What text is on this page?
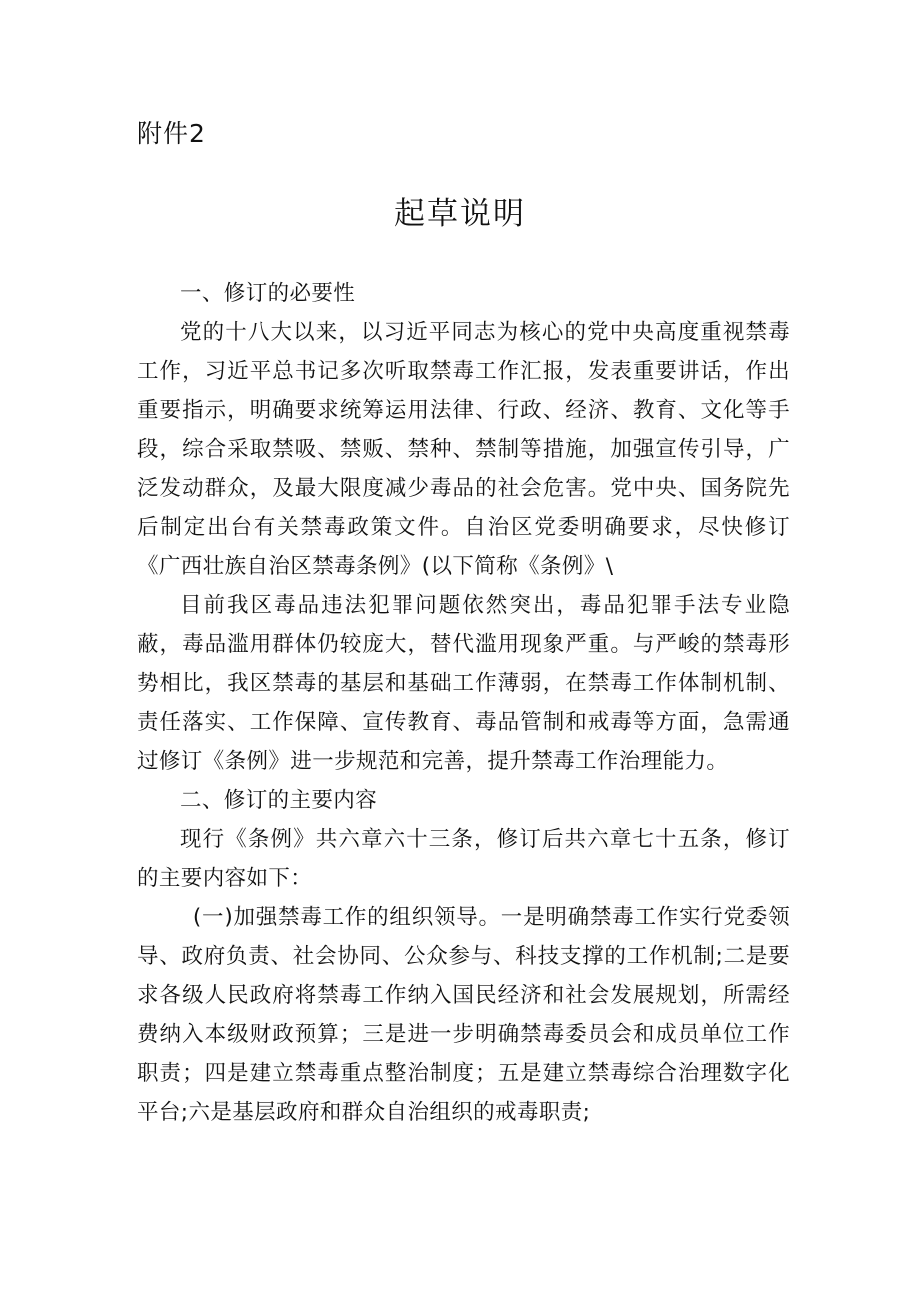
附件2
起草说明

一、修订的必要性

党的十八大以来，以习近平同志为核心的党中央高度重视禁毒工作，习近平总书记多次听取禁毒工作汇报，发表重要讲话，作出重要指示，明确要求统筹运用法律、行政、经济、教育、文化等手段，综合采取禁吸、禁贩、禁种、禁制等措施，加强宣传引导，广泛发动群众，及最大限度减少毒品的社会危害。党中央、国务院先后制定出台有关禁毒政策文件。自治区党委明确要求，尽快修订《广西壮族自治区禁毒条例》(以下简称《条例》\

目前我区毒品违法犯罪问题依然突出，毒品犯罪手法专业隐蔽，毒品滥用群体仍较庞大，替代滥用现象严重。与严峻的禁毒形势相比，我区禁毒的基层和基础工作薄弱，在禁毒工作体制机制、责任落实、工作保障、宣传教育、毒品管制和戒毒等方面，急需通过修订《条例》进一步规范和完善，提升禁毒工作治理能力。

二、修订的主要内容

现行《条例》共六章六十三条，修订后共六章七十五条，修订的主要内容如下：

(一)加强禁毒工作的组织领导。一是明确禁毒工作实行党委领导、政府负责、社会协同、公众参与、科技支撑的工作机制;二是要求各级人民政府将禁毒工作纳入国民经济和社会发展规划，所需经费纳入本级财政预算；三是进一步明确禁毒委员会和成员单位工作职责；四是建立禁毒重点整治制度；五是建立禁毒综合治理数字化平台;六是基层政府和群众自治组织的戒毒职责;
